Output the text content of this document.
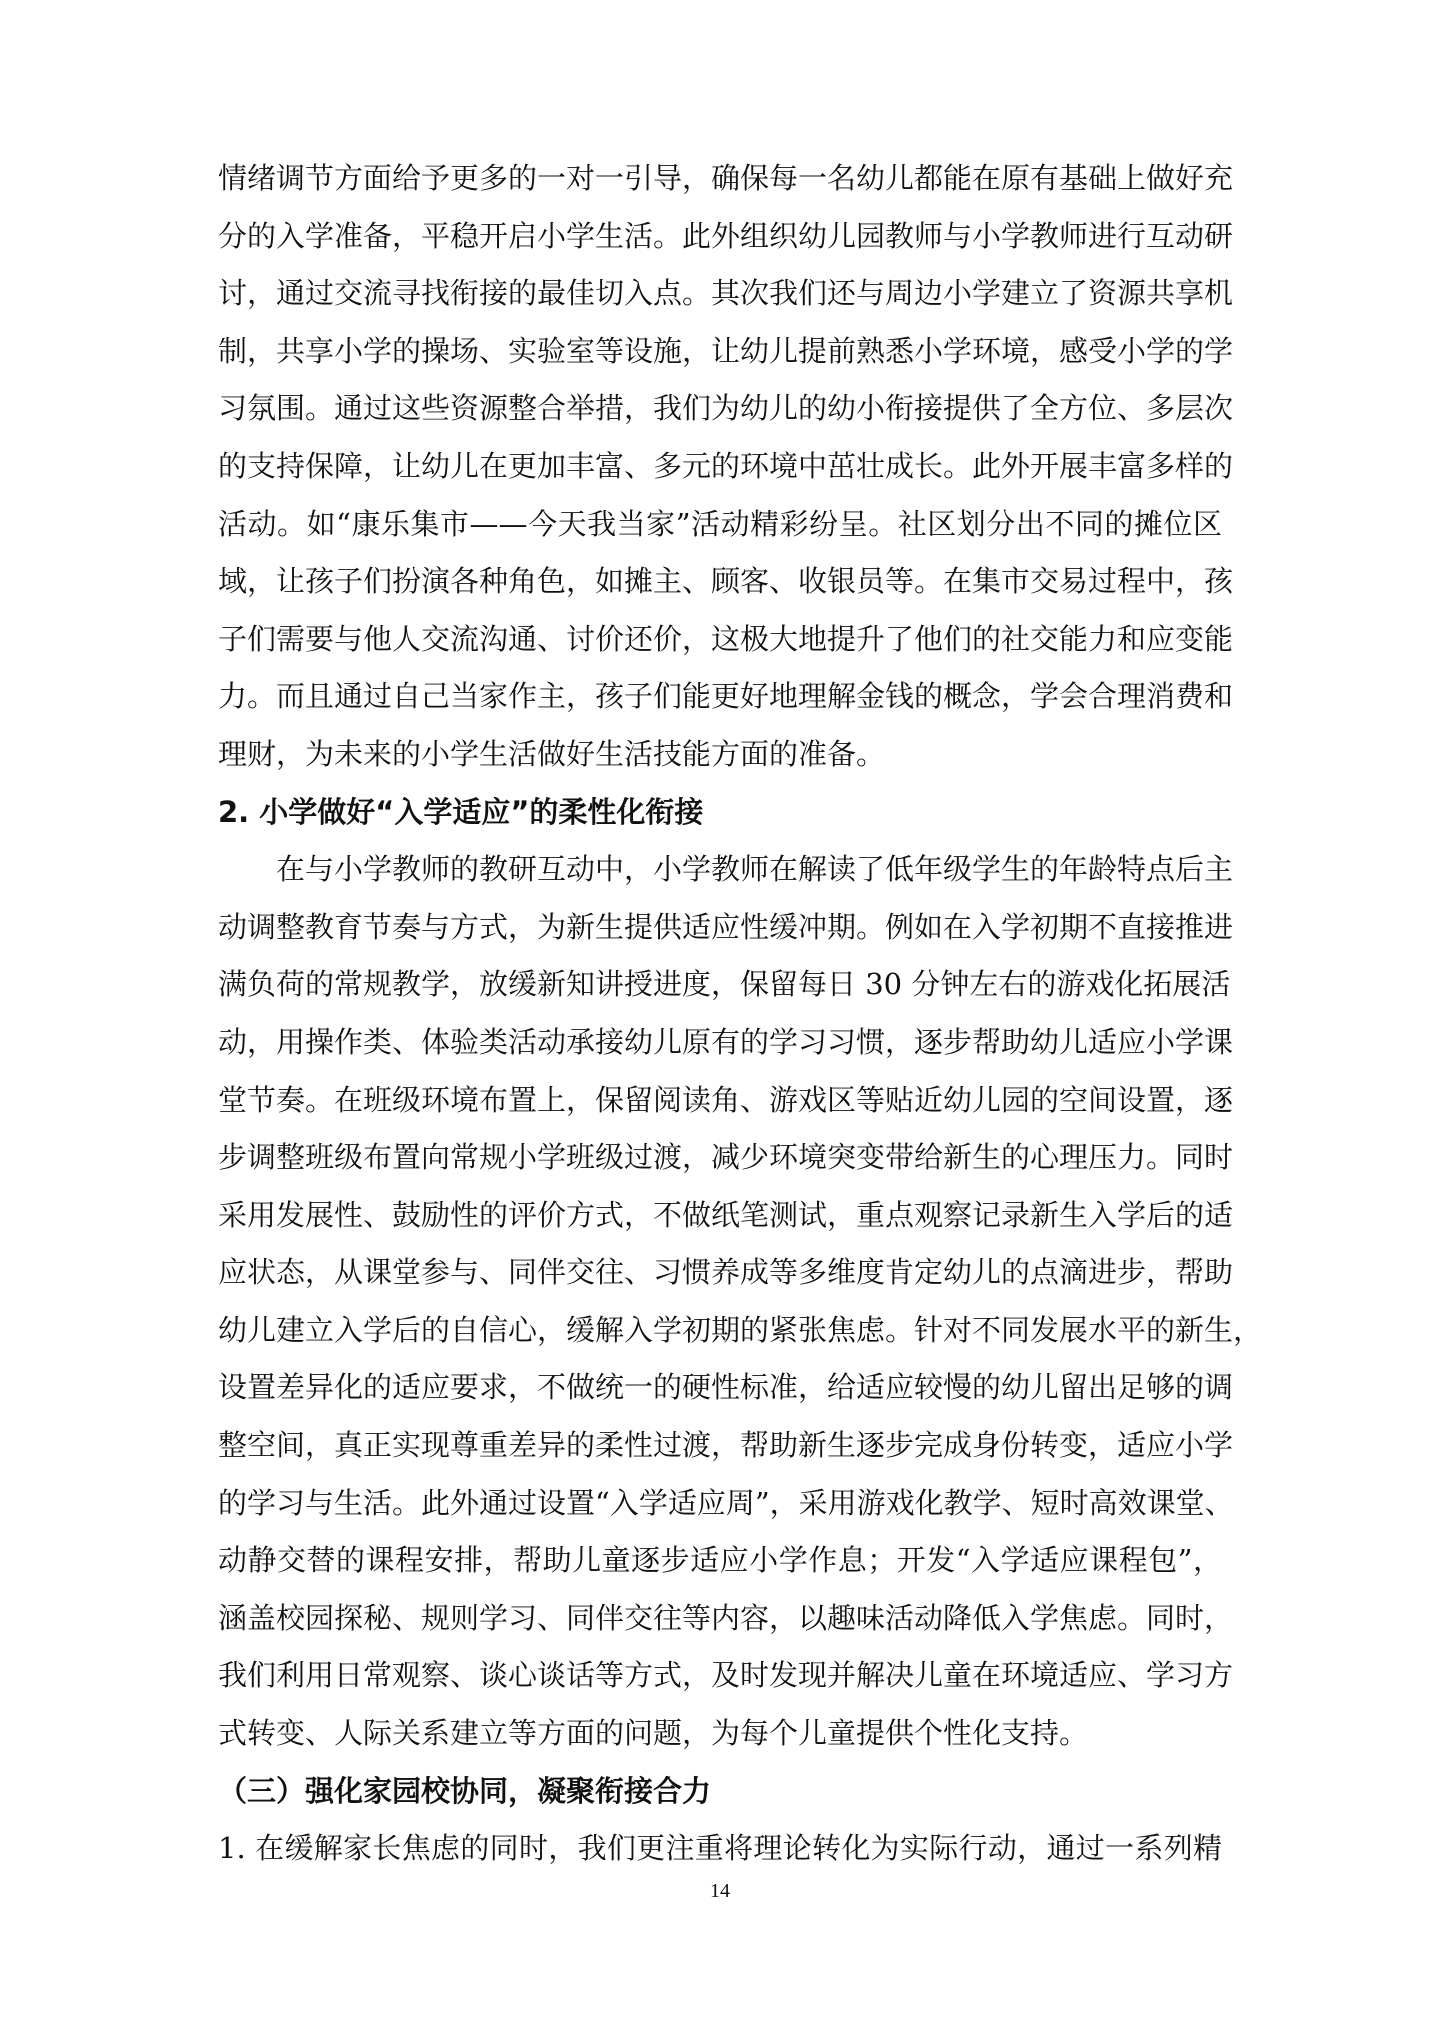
情绪调节方面给予更多的一对一引导，确保每一名幼儿都能在原有基础上做好充
分的入学准备，平稳开启小学生活。此外组织幼儿园教师与小学教师进行互动研
讨，通过交流寻找衔接的最佳切入点。其次我们还与周边小学建立了资源共享机
制，共享小学的操场、实验室等设施，让幼儿提前熟悉小学环境，感受小学的学
习氛围。通过这些资源整合举措，我们为幼儿的幼小衔接提供了全方位、多层次
的支持保障，让幼儿在更加丰富、多元的环境中茁壮成长。此外开展丰富多样的
活动。如“康乐集市——今天我当家”活动精彩纷呈。社区划分出不同的摊位区
域，让孩子们扮演各种角色，如摊主、顾客、收银员等。在集市交易过程中，孩
子们需要与他人交流沟通、讨价还价，这极大地提升了他们的社交能力和应变能
力。而且通过自己当家作主，孩子们能更好地理解金钱的概念，学会合理消费和
理财，为未来的小学生活做好生活技能方面的准备。
2. 小学做好“入学适应”的柔性化衔接
在与小学教师的教研互动中，小学教师在解读了低年级学生的年龄特点后主
动调整教育节奏与方式，为新生提供适应性缓冲期。例如在入学初期不直接推进
满负荷的常规教学，放缓新知讲授进度，保留每日 30 分钟左右的游戏化拓展活
动，用操作类、体验类活动承接幼儿原有的学习习惯，逐步帮助幼儿适应小学课
堂节奏。在班级环境布置上，保留阅读角、游戏区等贴近幼儿园的空间设置，逐
步调整班级布置向常规小学班级过渡，减少环境突变带给新生的心理压力。同时
采用发展性、鼓励性的评价方式，不做纸笔测试，重点观察记录新生入学后的适
应状态，从课堂参与、同伴交往、习惯养成等多维度肯定幼儿的点滴进步，帮助
幼儿建立入学后的自信心，缓解入学初期的紧张焦虑。针对不同发展水平的新生，
设置差异化的适应要求，不做统一的硬性标准，给适应较慢的幼儿留出足够的调
整空间，真正实现尊重差异的柔性过渡，帮助新生逐步完成身份转变，适应小学
的学习与生活。此外通过设置“入学适应周”，采用游戏化教学、短时高效课堂、
动静交替的课程安排，帮助儿童逐步适应小学作息；开发“入学适应课程包”，
涵盖校园探秘、规则学习、同伴交往等内容，以趣味活动降低入学焦虑。同时，
我们利用日常观察、谈心谈话等方式，及时发现并解决儿童在环境适应、学习方
式转变、人际关系建立等方面的问题，为每个儿童提供个性化支持。
（三）强化家园校协同，凝聚衔接合力
1. 在缓解家长焦虑的同时，我们更注重将理论转化为实际行动，通过一系列精
14
